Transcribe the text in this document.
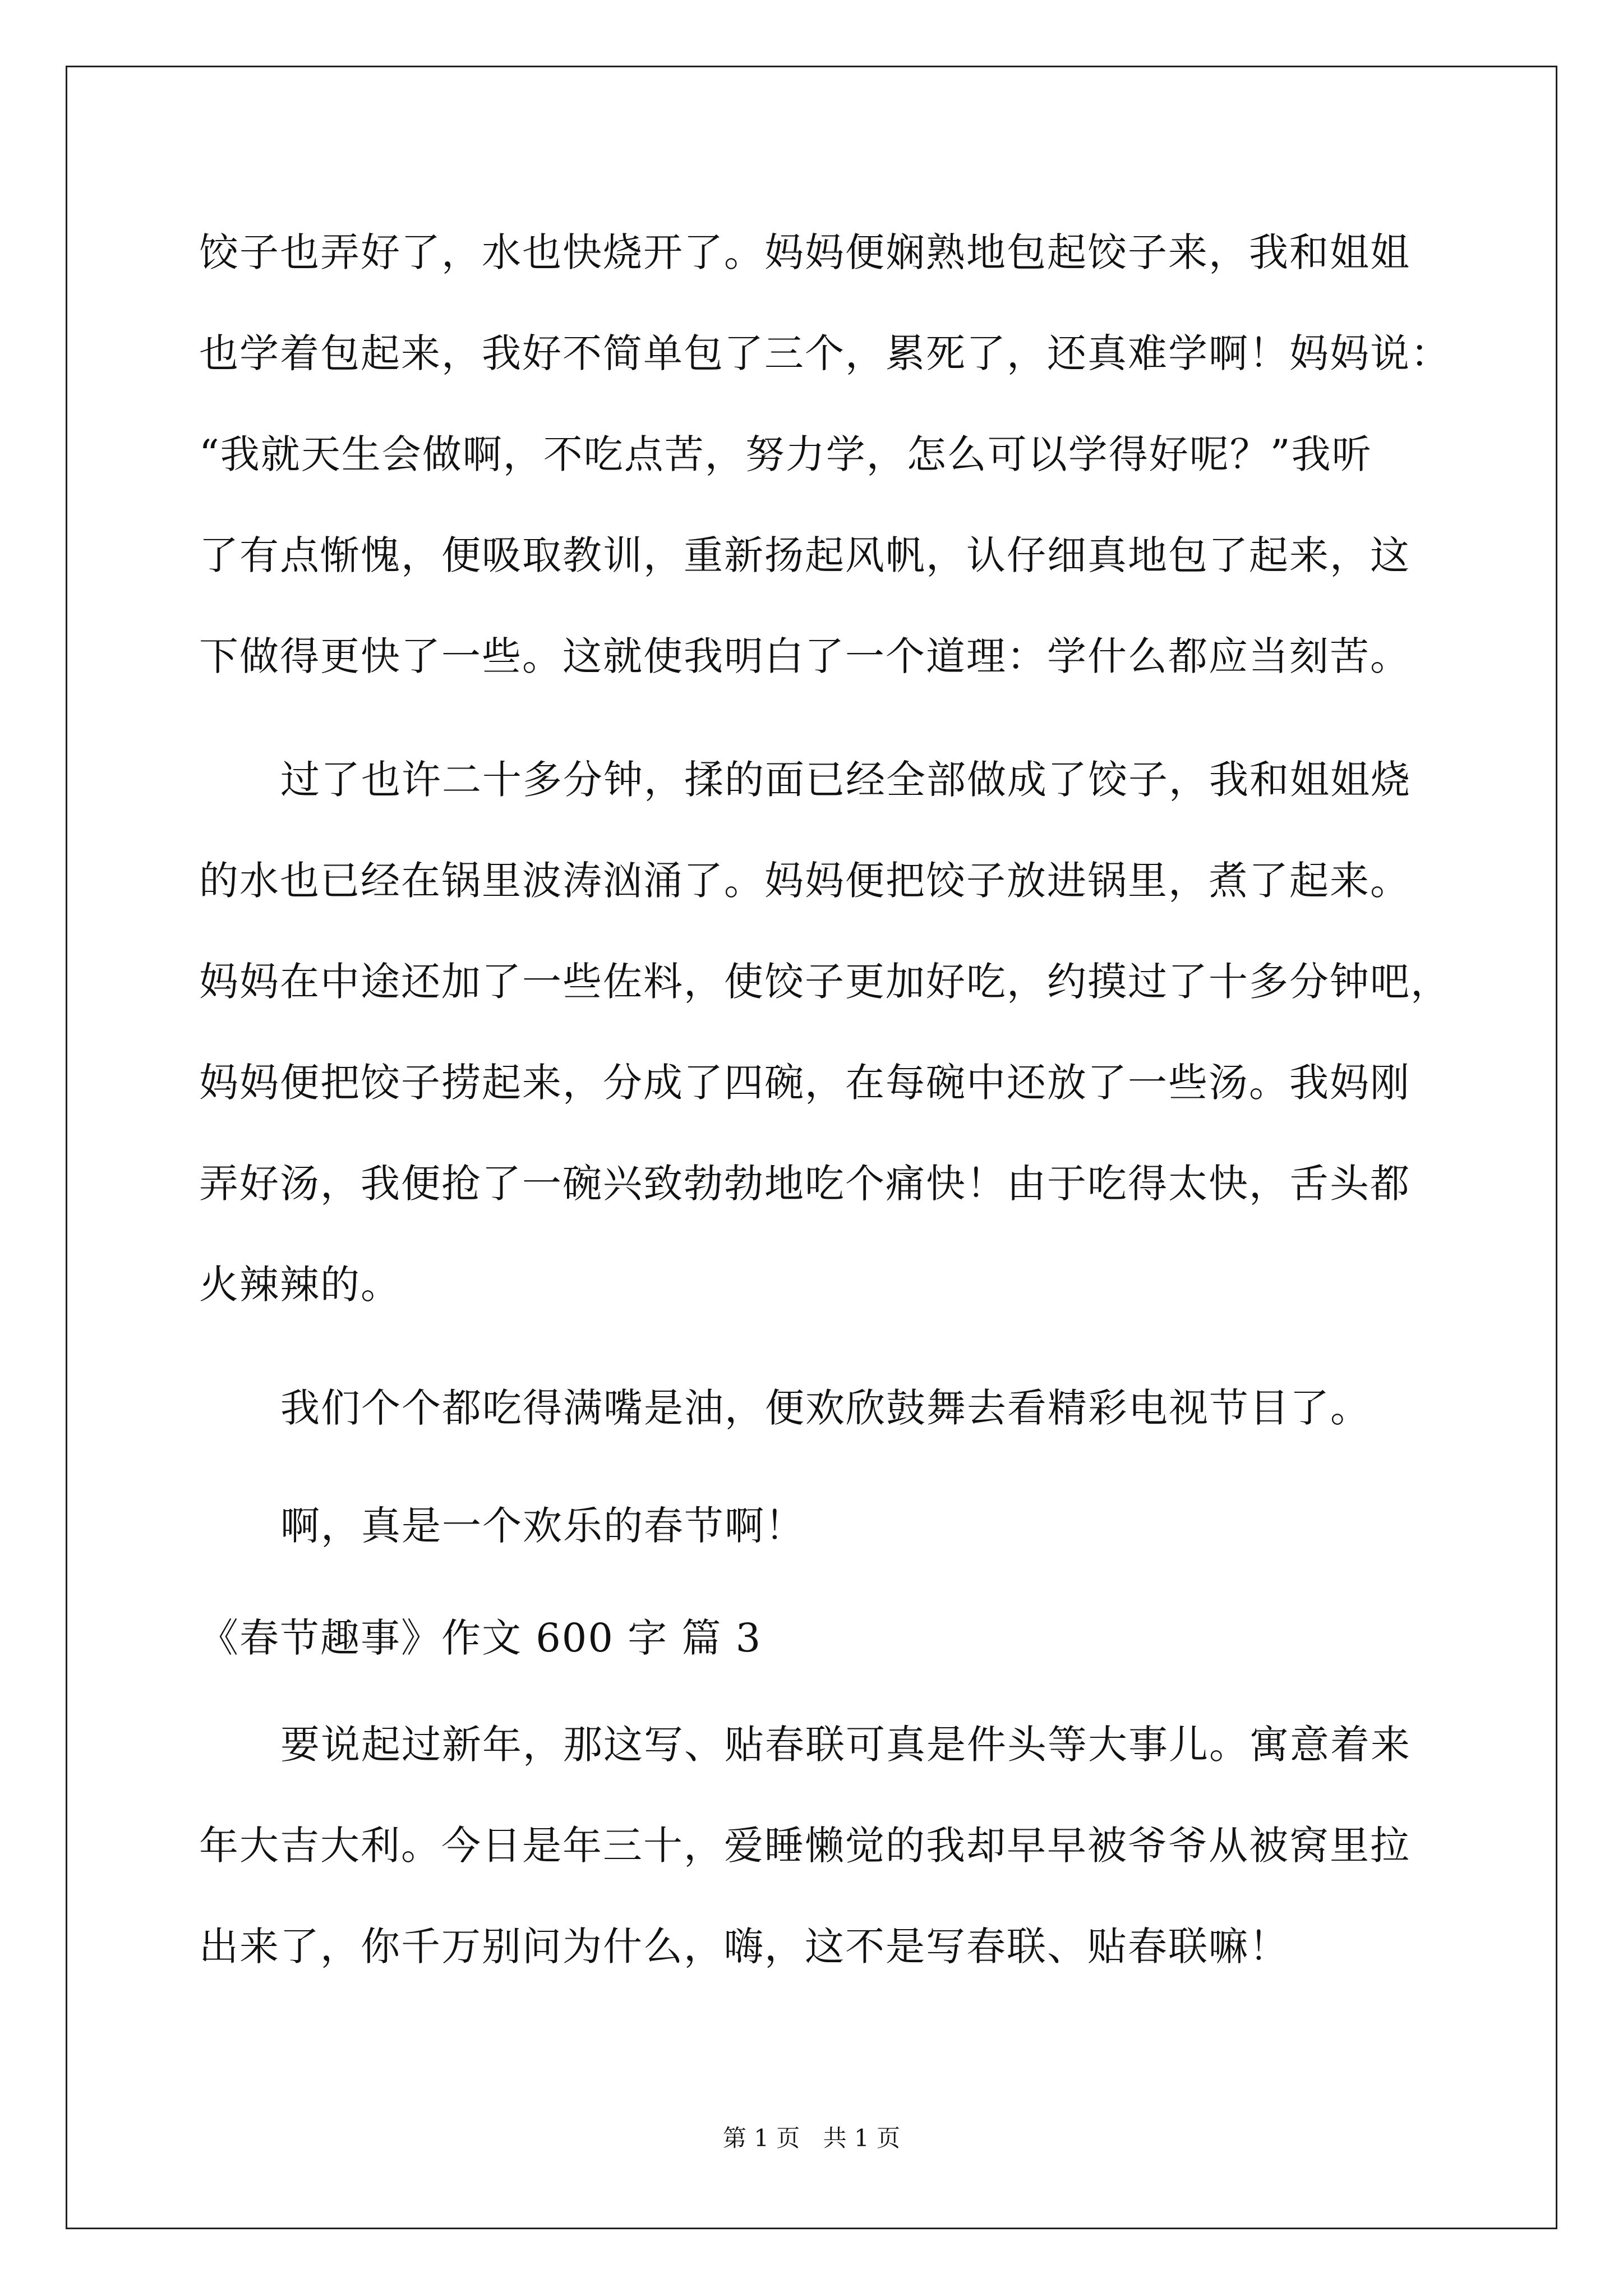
饺子也弄好了，水也快烧开了。妈妈便娴熟地包起饺子来，我和姐姐
也学着包起来，我好不简单包了三个，累死了，还真难学啊！妈妈说：
“我就天生会做啊，不吃点苦，努力学，怎么可以学得好呢？”我听
了有点惭愧，便吸取教训，重新扬起风帆，认仔细真地包了起来，这
下做得更快了一些。这就使我明白了一个道理：学什么都应当刻苦。
过了也许二十多分钟，揉的面已经全部做成了饺子，我和姐姐烧
的水也已经在锅里波涛汹涌了。妈妈便把饺子放进锅里，煮了起来。
妈妈在中途还加了一些佐料，使饺子更加好吃，约摸过了十多分钟吧，
妈妈便把饺子捞起来，分成了四碗，在每碗中还放了一些汤。我妈刚
弄好汤，我便抢了一碗兴致勃勃地吃个痛快！由于吃得太快，舌头都
火辣辣的。
我们个个都吃得满嘴是油，便欢欣鼓舞去看精彩电视节目了。
啊，真是一个欢乐的春节啊！
《春节趣事》作文 600 字 篇 3
要说起过新年，那这写、贴春联可真是件头等大事儿。寓意着来
年大吉大利。今日是年三十，爱睡懒觉的我却早早被爷爷从被窝里拉
出来了，你千万别问为什么，嗨，这不是写春联、贴春联嘛！
第 1 页 共 1 页
